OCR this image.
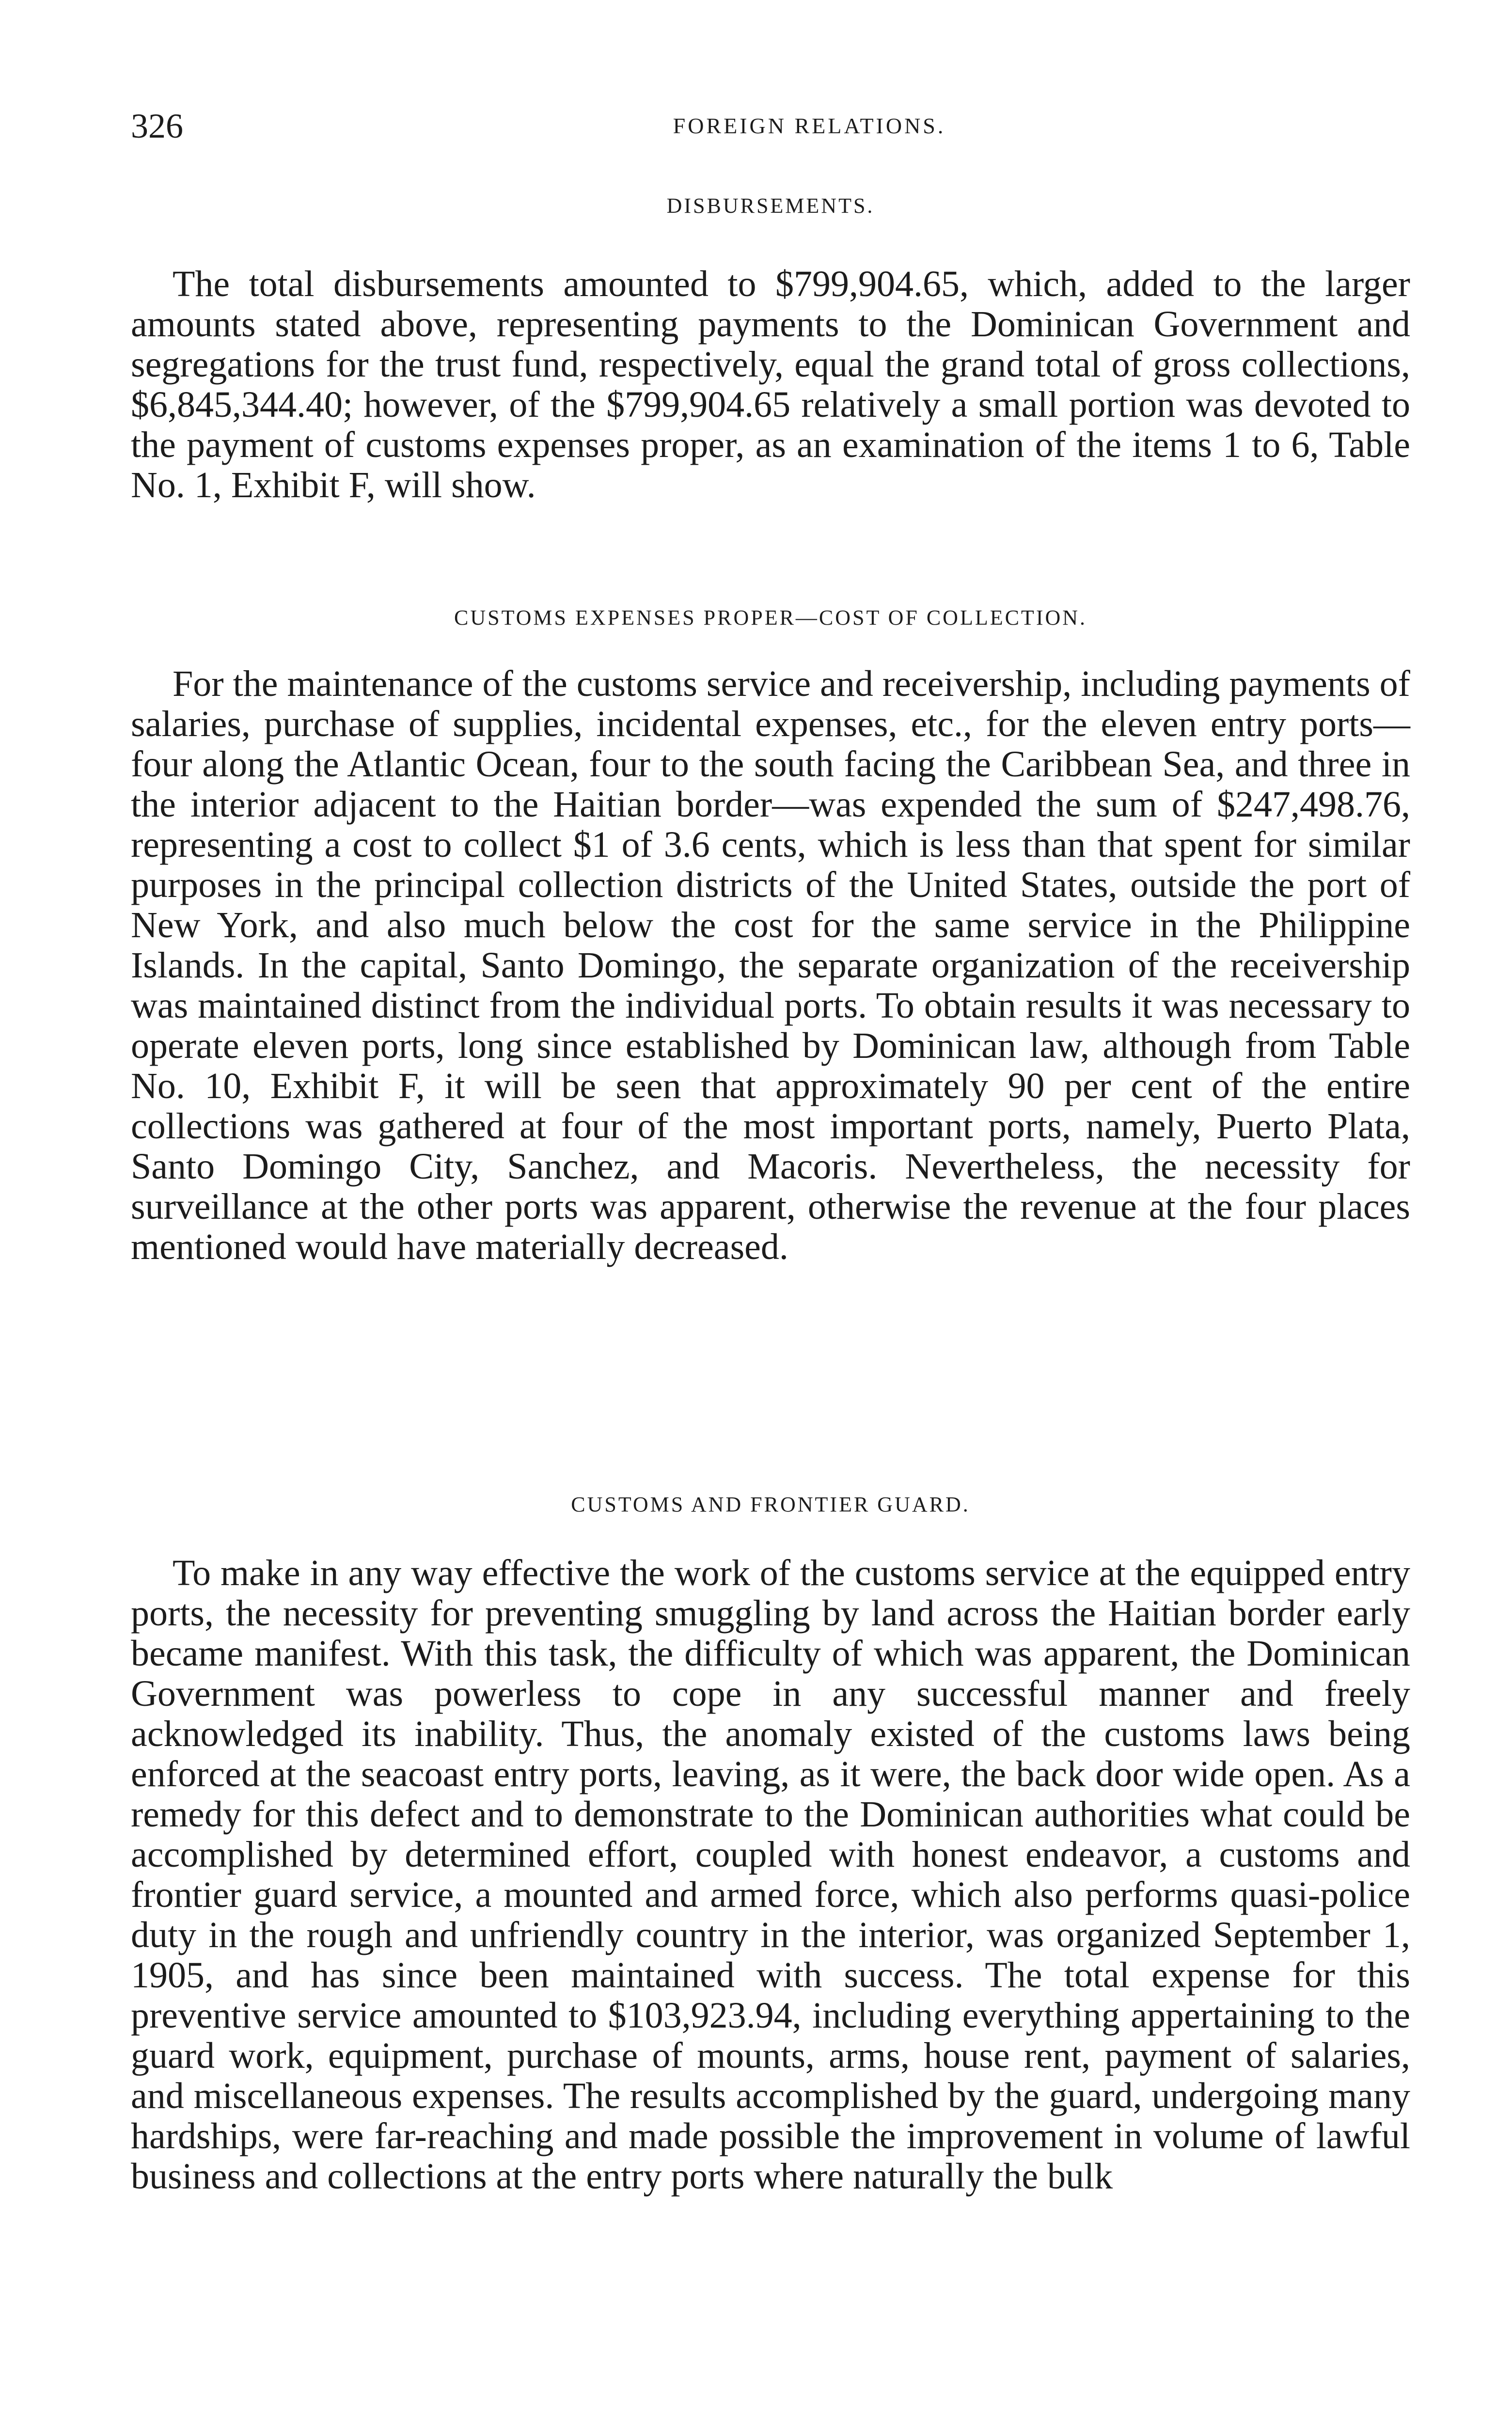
326	FOREIGN RELATIONS.
DISBURSEMENTS.

The total disbursements amounted to $799,904.65, which, added to the larger amounts stated above, representing payments to the Dominican Government and segregations for the trust fund, respectively, equal the grand total of gross collections, $6,845,344.40; however, of the $799,904.65 relatively a small portion was devoted to the payment of customs expenses proper, as an examination of the items 1 to 6, Table No. 1, Exhibit F, will show.

CUSTOMS EXPENSES PROPER—COST OF COLLECTION.

For the maintenance of the customs service and receivership, including payments of salaries, purchase of supplies, incidental expenses, etc., for the eleven entry ports—four along the Atlantic Ocean, four to the south facing the Caribbean Sea, and three in the interior adjacent to the Haitian border—was expended the sum of $247,498.76, representing a cost to collect $1 of 3.6 cents, which is less than that spent for similar purposes in the principal collection districts of the United States, outside the port of New York, and also much below the cost for the same service in the Philippine Islands. In the capital, Santo Domingo, the separate organization of the receivership was maintained distinct from the individual ports. To obtain results it was necessary to operate eleven ports, long since established by Dominican law, although from Table No. 10, Exhibit F, it will be seen that approximately 90 per cent of the entire collections was gathered at four of the most important ports, namely, Puerto Plata, Santo Domingo City, Sanchez, and Macoris. Nevertheless, the necessity for surveillance at the other ports was apparent, otherwise the revenue at the four places mentioned would have materially decreased.

CUSTOMS AND FRONTIER GUARD.

To make in any way effective the work of the customs service at the equipped entry ports, the necessity for preventing smuggling by land across the Haitian border early became manifest. With this task, the difficulty of which was apparent, the Dominican Government was powerless to cope in any successful manner and freely acknowledged its inability. Thus, the anomaly existed of the customs laws being enforced at the seacoast entry ports, leaving, as it were, the back door wide open. As a remedy for this defect and to demonstrate to the Dominican authorities what could be accomplished by determined effort, coupled with honest endeavor, a customs and frontier guard service, a mounted and armed force, which also performs quasi-police duty in the rough and unfriendly country in the interior, was organized September 1, 1905, and has since been maintained with success. The total expense for this preventive service amounted to $103,923.94, including everything appertaining to the guard work, equipment, purchase of mounts, arms, house rent, payment of salaries, and miscellaneous expenses. The results accomplished by the guard, undergoing many hardships, were far-reaching and made possible the improvement in volume of lawful business and collections at the entry ports where naturally the bulk
